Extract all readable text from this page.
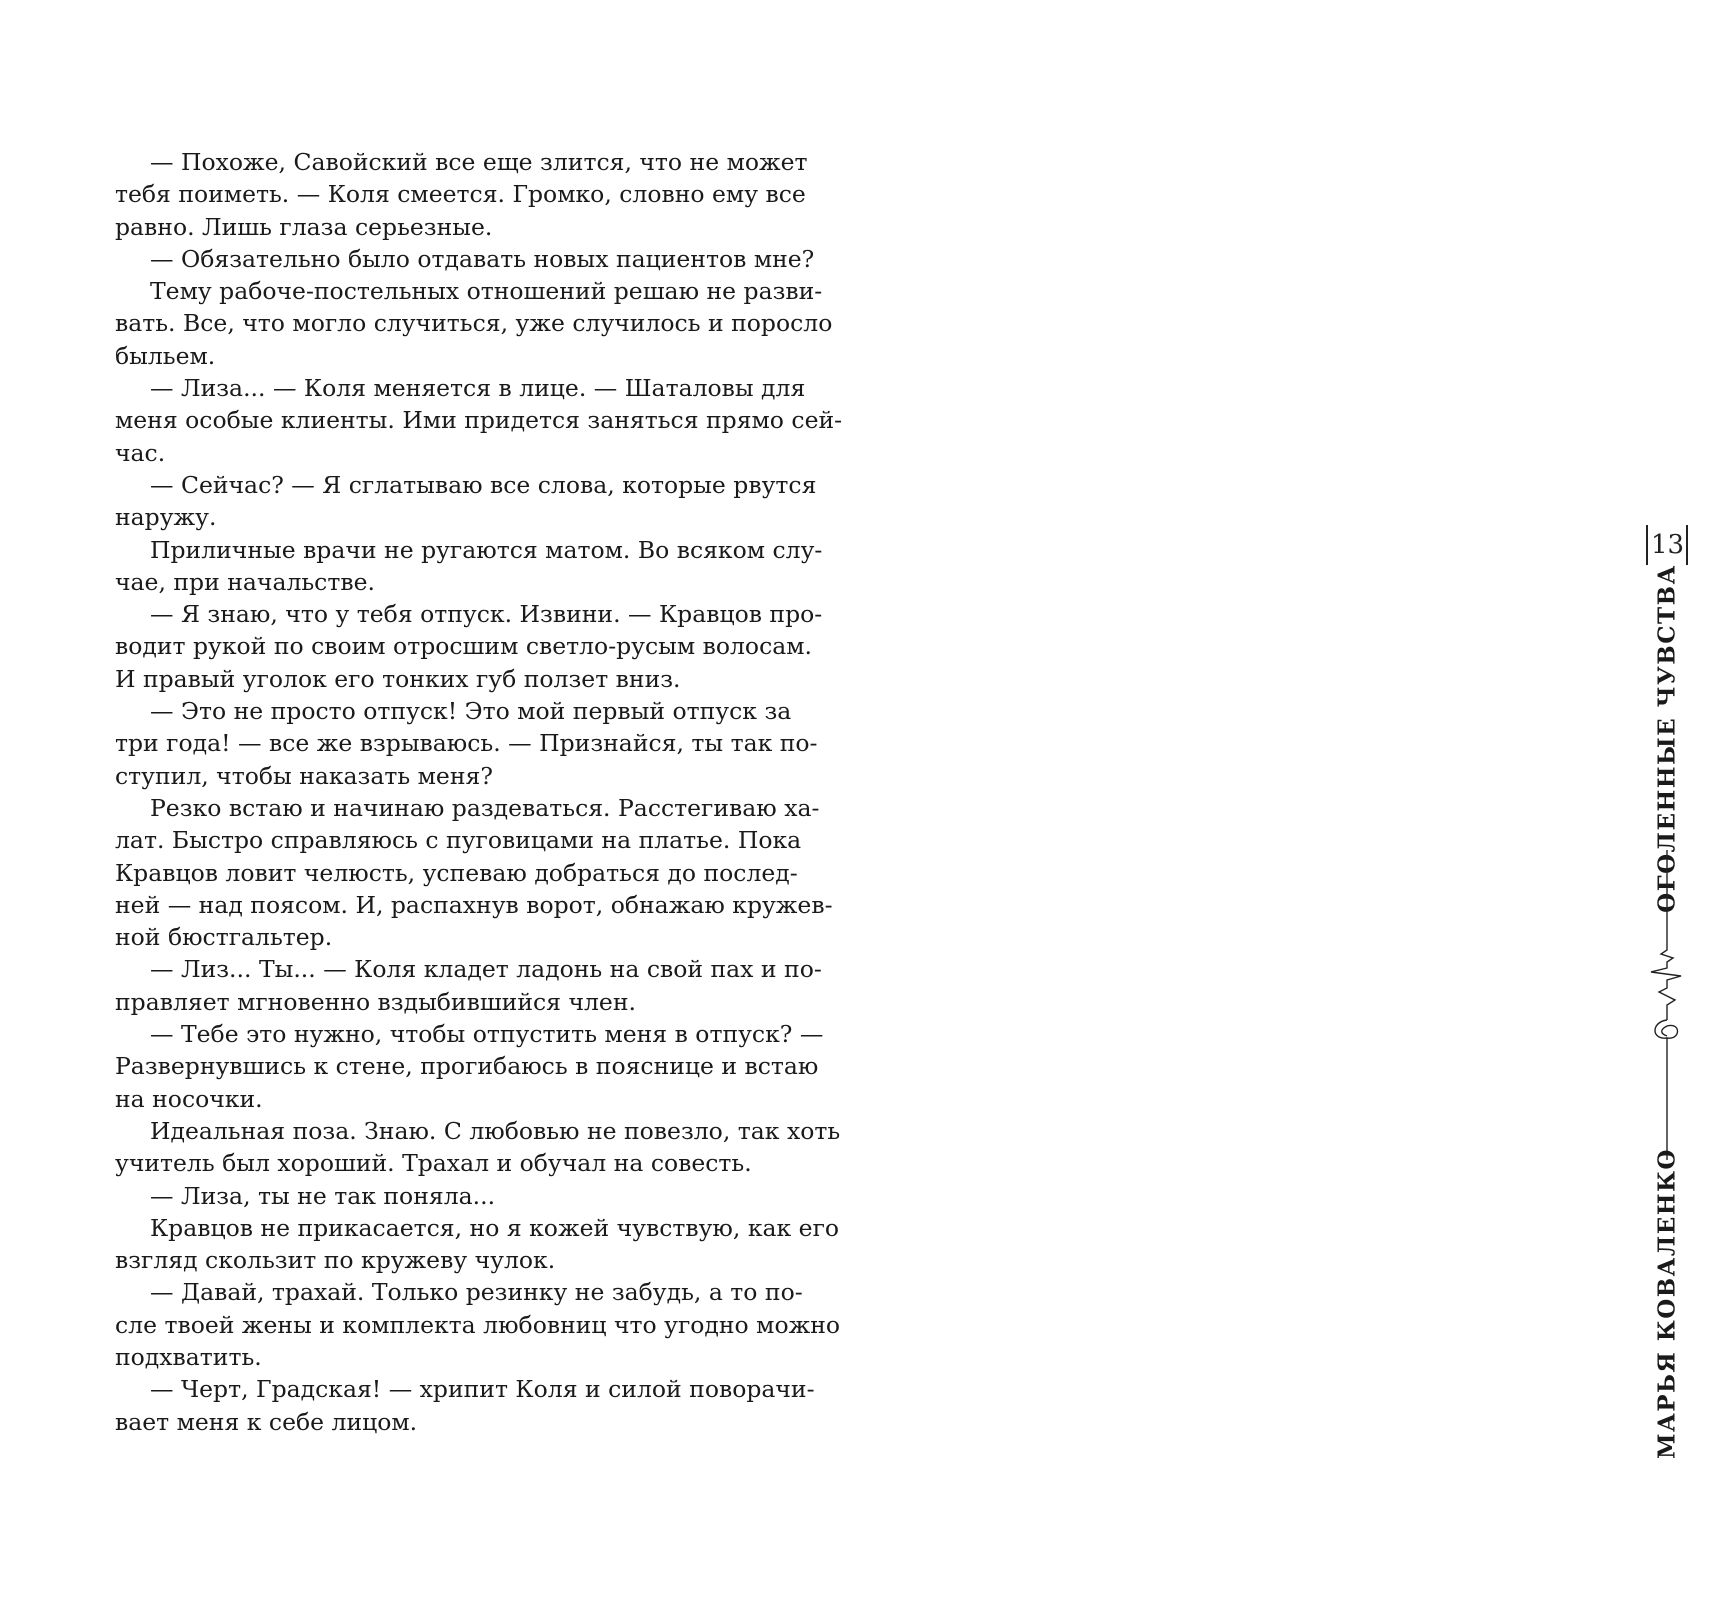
— Похоже, Савойский все еще злится, что не может
тебя поиметь. — Коля смеется. Громко, словно ему все
равно. Лишь глаза серьезные.
— Обязательно было отдавать новых пациентов мне?
Тему рабоче-постельных отношений решаю не разви-
вать. Все, что могло случиться, уже случилось и поросло
быльем.
— Лиза... — Коля меняется в лице. — Шаталовы для
меня особые клиенты. Ими придется заняться прямо сей-
час.
— Сейчас? — Я сглатываю все слова, которые рвутся
наружу.
Приличные врачи не ругаются матом. Во всяком слу-
чае, при начальстве.
— Я знаю, что у тебя отпуск. Извини. — Кравцов про-
водит рукой по своим отросшим светло-русым волосам.
И правый уголок его тонких губ ползет вниз.
— Это не просто отпуск! Это мой первый отпуск за
три года! — все же взрываюсь. — Признайся, ты так по-
ступил, чтобы наказать меня?
Резко встаю и начинаю раздеваться. Расстегиваю ха-
лат. Быстро справляюсь с пуговицами на платье. Пока
Кравцов ловит челюсть, успеваю добраться до послед-
ней — над поясом. И, распахнув ворот, обнажаю кружев-
ной бюстгальтер.
— Лиз... Ты... — Коля кладет ладонь на свой пах и по-
правляет мгновенно вздыбившийся член.
— Тебе это нужно, чтобы отпустить меня в отпуск? —
Развернувшись к стене, прогибаюсь в пояснице и встаю
на носочки.
Идеальная поза. Знаю. С любовью не повезло, так хоть
учитель был хороший. Трахал и обучал на совесть.
— Лиза, ты не так поняла...
Кравцов не прикасается, но я кожей чувствую, как его
взгляд скользит по кружеву чулок.
— Давай, трахай. Только резинку не забудь, а то по-
сле твоей жены и комплекта любовниц что угодно можно
подхватить.
— Черт, Градская! — хрипит Коля и силой поворачи-
вает меня к себе лицом.
13
ОГОЛЕННЫЕ ЧУВСТВА
МАРЬЯ КОВАЛЕНКО
